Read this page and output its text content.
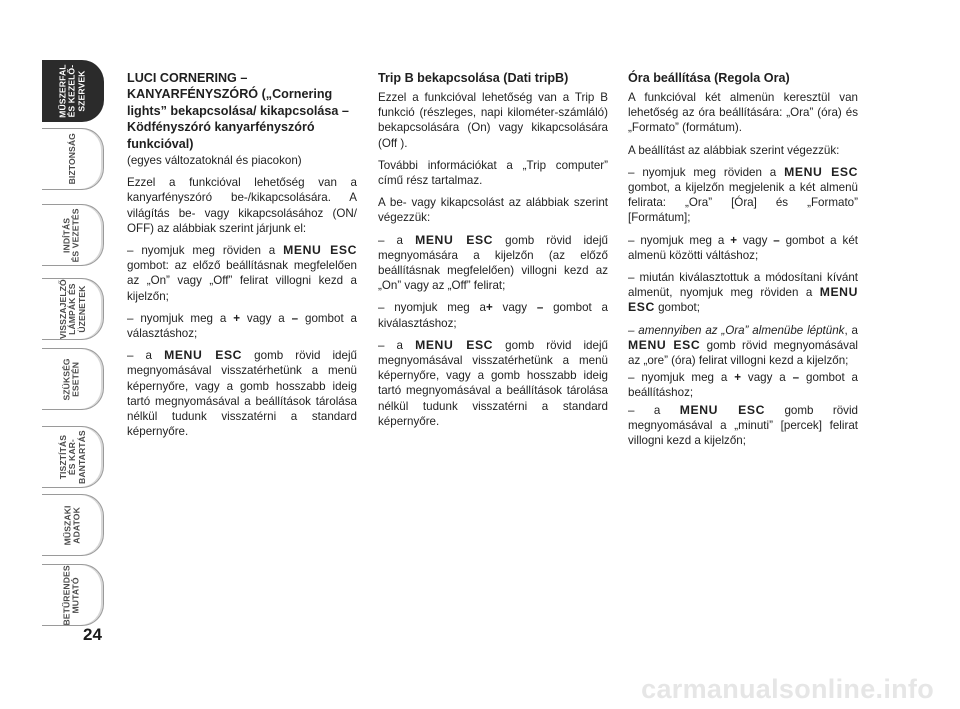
MŰSZERFAL
ÉS KEZELŐ-
SZERVEK
BIZTONSÁG
INDÍTÁS
ÉS VEZETÉS
VISSZAJELZŐ
LÁMPÁK ÉS
ÜZENETEK
SZÜKSÉG
ESETÉN
TISZTÍTÁS
ÉS KAR-
BANTARTÁS
MŰSZAKI
ADATOK
BETŰRENDES
MUTATÓ
24
LUCI CORNERING – KANYARFÉNYSZÓRÓ („Cornering lights” bekapcsolása/ kikapcsolása – Ködfényszóró kanyarfényszóró funkcióval)

(egyes változatoknál és piacokon)

Ezzel a funkcióval lehetőség van a kanyarfényszóró be-/kikapcsolására. A világítás be- vagy kikapcsolásához (ON/ OFF) az alábbiak szerint járjunk el:

– nyomjuk meg röviden a MENU ESC gombot: az előző beállításnak megfelelően az „On” vagy „Off” felirat villogni kezd a kijelzőn;

– nyomjuk meg a + vagy a – gombot a választáshoz;

– a MENU ESC gomb rövid idejű megnyomásával visszatérhetünk a menü képernyőre, vagy a gomb hosszabb ideig tartó megnyomásával a beállítások tárolása nélkül tudunk visszatérni a standard képernyőre.

Trip B bekapcsolása (Dati tripB)

Ezzel a funkcióval lehetőség van a Trip B funkció (részleges, napi kilométer-számláló) bekapcsolására (On) vagy kikapcsolására (Off ).

További információkat a „Trip computer” című rész tartalmaz.

A be- vagy kikapcsolást az alábbiak szerint végezzük:

– a MENU ESC gomb rövid idejű megnyomására a kijelzőn (az előző beállításnak megfelelően) villogni kezd az „On” vagy az „Off” felirat;

– nyomjuk meg a+ vagy – gombot a kiválasztáshoz;

– a MENU ESC gomb rövid idejű megnyomásával visszatérhetünk a menü képernyőre, vagy a gomb hosszabb ideig tartó megnyomásával a beállítások tárolása nélkül tudunk visszatérni a standard képernyőre.

Óra beállítása (Regola Ora)

A funkcióval két almenün keresztül van lehetőség az óra beállítására: „Ora” (óra) és „Formato” (formátum).

A beállítást az alábbiak szerint végezzük:

– nyomjuk meg röviden a MENU ESC gombot, a kijelzőn megjelenik a két almenü felirata: „Ora” [Óra] és „Formato” [Formátum];

– nyomjuk meg a + vagy – gombot a két almenü közötti váltáshoz;

– miután kiválasztottuk a módosítani kívánt almenüt, nyomjuk meg röviden a MENU ESC gombot;

– amennyiben az „Ora” almenübe léptünk, a MENU ESC gomb rövid megnyomásával az „ore” (óra) felirat villogni kezd a kijelzőn;

– nyomjuk meg a + vagy a – gombot a beállításhoz;

– a MENU ESC gomb rövid megnyomásával a „minuti” [percek] felirat villogni kezd a kijelzőn;

carmanualsonline.info
